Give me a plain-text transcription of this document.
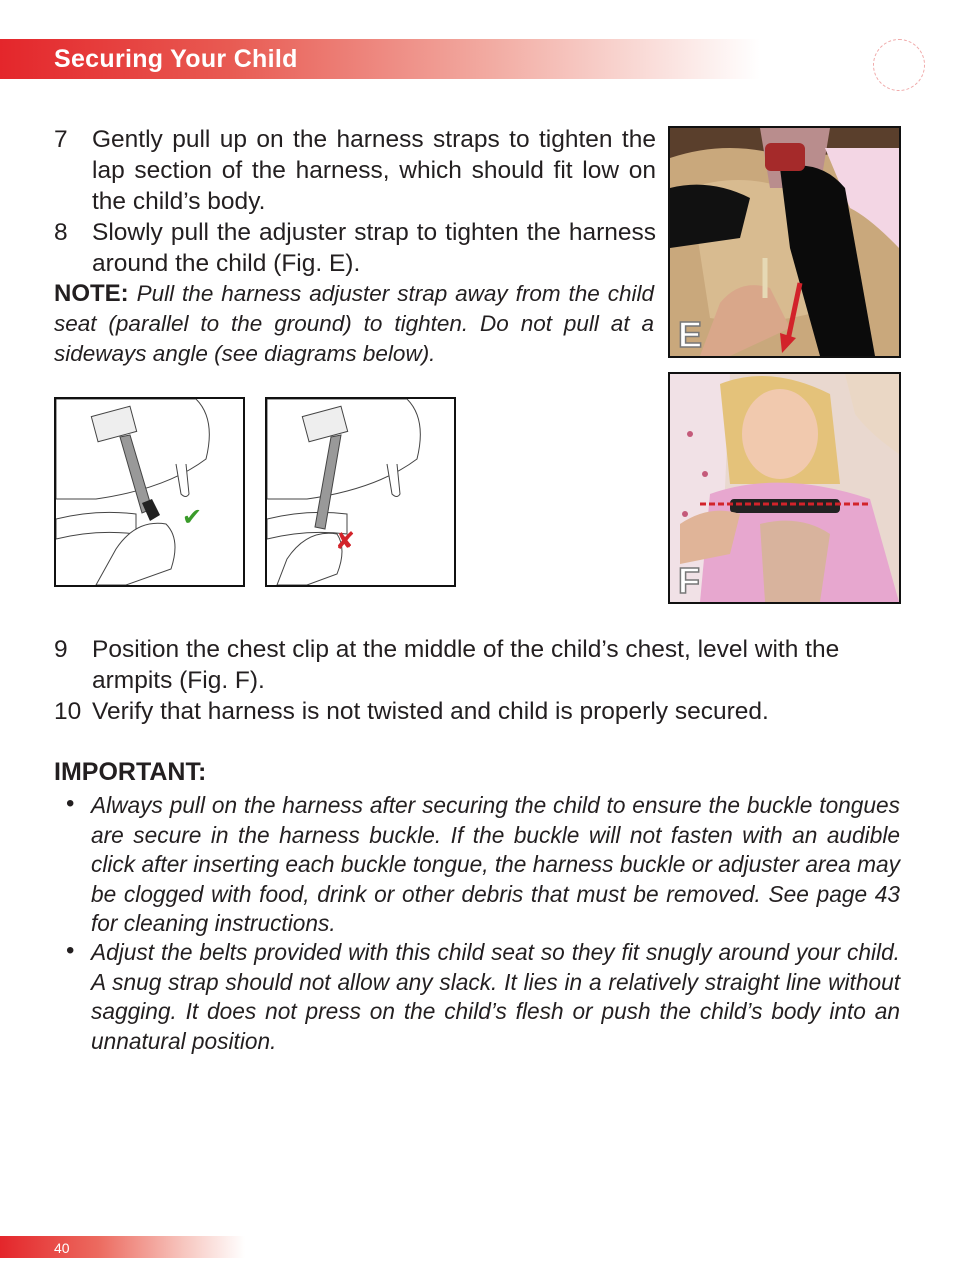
Securing Your Child
7 Gently pull up on the harness straps to tighten the lap section of the harness, which should fit low on the child’s body.
8 Slowly pull the adjuster strap to tighten the harness around the child (Fig. E).
NOTE: Pull the harness adjuster strap away from the child seat (parallel to the ground) to tighten. Do not pull at a sideways angle (see diagrams below).	E
F
✔
✘
9 Position the chest clip at the middle of the child’s chest, level with the armpits (Fig. F).
10 Verify that harness is not twisted and child is properly secured.
IMPORTANT:
• Always pull on the harness after securing the child to ensure the buckle tongues are secure in the harness buckle. If the buckle will not fasten with an audible click after inserting each buckle tongue, the harness buckle or adjuster area may be clogged with food, drink or other debris that must be removed. See page 43 for cleaning instructions.
• Adjust the belts provided with this child seat so they fit snugly around your child. A snug strap should not allow any slack. It lies in a relatively straight line without sagging. It does not press on the child’s flesh or push the child’s body into an unnatural position.
40
